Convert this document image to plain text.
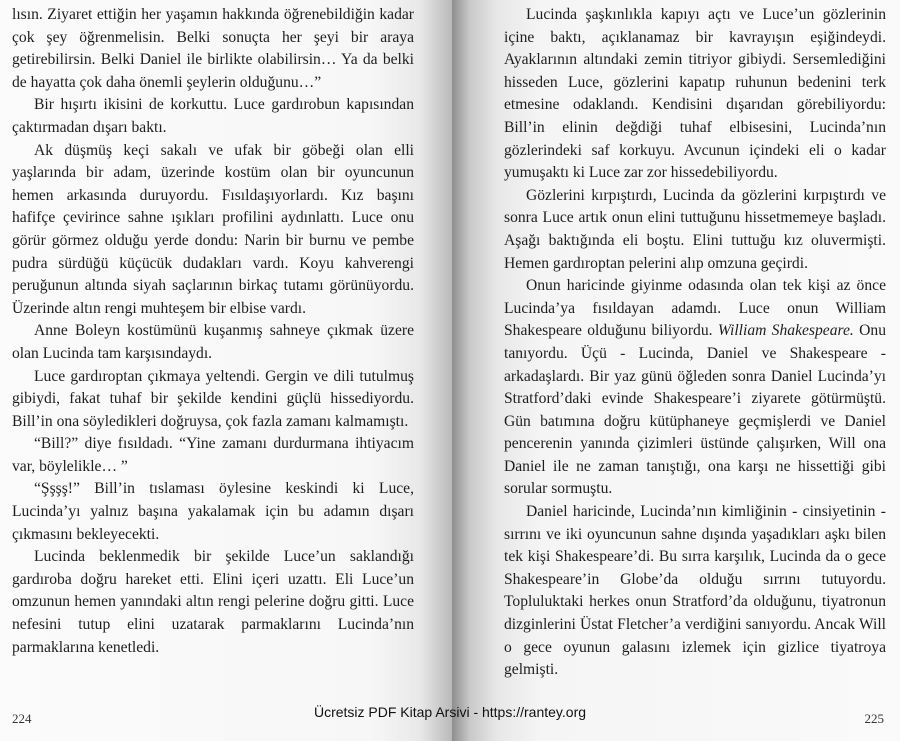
lısın. Ziyaret ettiğin her yaşamın hakkında öğrenebildiğin kadar çok şey öğrenmelisin. Belki sonuçta her şeyi bir araya getirebilirsin. Belki Daniel ile birlikte olabilirsin… Ya da belki de hayatta çok daha önemli şeylerin olduğunu…”

Bir hışırtı ikisini de korkuttu. Luce gardırobun kapısından çaktırmadan dışarı baktı.

Ak düşmüş keçi sakalı ve ufak bir göbeği olan elli yaşlarında bir adam, üzerinde kostüm olan bir oyuncunun hemen arkasında duruyordu. Fısıldaşıyorlardı. Kız başını hafifçe çevirince sahne ışıkları profilini aydınlattı. Luce onu görür görmez olduğu yerde dondu: Narin bir burnu ve pembe pudra sürdüğü küçücük dudakları vardı. Koyu kahverengi peruğunun altında siyah saçlarının birkaç tutamı görünüyordu. Üzerinde altın rengi muhteşem bir elbise vardı.

Anne Boleyn kostümünü kuşanmış sahneye çıkmak üzere olan Lucinda tam karşısındaydı.

Luce gardıroptan çıkmaya yeltendi. Gergin ve dili tutulmuş gibiydi, fakat tuhaf bir şekilde kendini güçlü hissediyordu. Bill’in ona söyledikleri doğruysa, çok fazla zamanı kalmamıştı.

“Bill?” diye fısıldadı. “Yine zamanı durdurmana ihtiyacım var, böylelikle… ”

“Şşşş!” Bill’in tıslaması öylesine keskindi ki Luce, Lucinda’yı yalnız başına yakalamak için bu adamın dışarı çıkmasını bekleyecekti.

Lucinda beklenmedik bir şekilde Luce’un saklandığı gardıroba doğru hareket etti. Elini içeri uzattı. Eli Luce’un omzunun hemen yanındaki altın rengi pelerine doğru gitti. Luce nefesini tutup elini uzatarak parmaklarını Lucinda’nın parmaklarına kenetledi.

224

Lucinda şaşkınlıkla kapıyı açtı ve Luce’un gözlerinin içine baktı, açıklanamaz bir kavrayışın eşiğindeydi. Ayaklarının altındaki zemin titriyor gibiydi. Sersemlediğini hisseden Luce, gözlerini kapatıp ruhunun bedenini terk etmesine odaklandı. Kendisini dışarıdan görebiliyordu: Bill’in elinin değdiği tuhaf elbisesini, Lucinda’nın gözlerindeki saf korkuyu. Avcunun içindeki eli o kadar yumuşaktı ki Luce zar zor hissedebiliyordu.

Gözlerini kırpıştırdı, Lucinda da gözlerini kırpıştırdı ve sonra Luce artık onun elini tuttuğunu hissetmemeye başladı. Aşağı baktığında eli boştu. Elini tuttuğu kız oluvermişti. Hemen gardıroptan pelerini alıp omzuna geçirdi.

Onun haricinde giyinme odasında olan tek kişi az önce Lucinda’ya fısıldayan adamdı. Luce onun William Shakespeare olduğunu biliyordu. William Shakespeare. Onu tanıyordu. Üçü - Lucinda, Daniel ve Shakespeare - arkadaşlardı. Bir yaz günü öğleden sonra Daniel Lucinda’yı Stratford’daki evinde Shakespeare’i ziyarete götürmüştü. Gün batımına doğru kütüphaneye geçmişlerdi ve Daniel pencerenin yanında çizimleri üstünde çalışırken, Will ona Daniel ile ne zaman tanıştığı, ona karşı ne hissettiği gibi sorular sormuştu.

Daniel haricinde, Lucinda’nın kimliğinin - cinsiyetinin - sırrını ve iki oyuncunun sahne dışında yaşadıkları aşkı bilen tek kişi Shakespeare’di. Bu sırra karşılık, Lucinda da o gece Shakespeare’in Globe’da olduğu sırrını tutuyordu. Topluluktaki herkes onun Stratford’da olduğunu, tiyatronun dizginlerini Üstat Fletcher’a verdiğini sanıyordu. Ancak Will o gece oyunun galasını izlemek için gizlice tiyatroya gelmişti.

225
Ücretsiz PDF Kitap Arsivi - https://rantey.org
